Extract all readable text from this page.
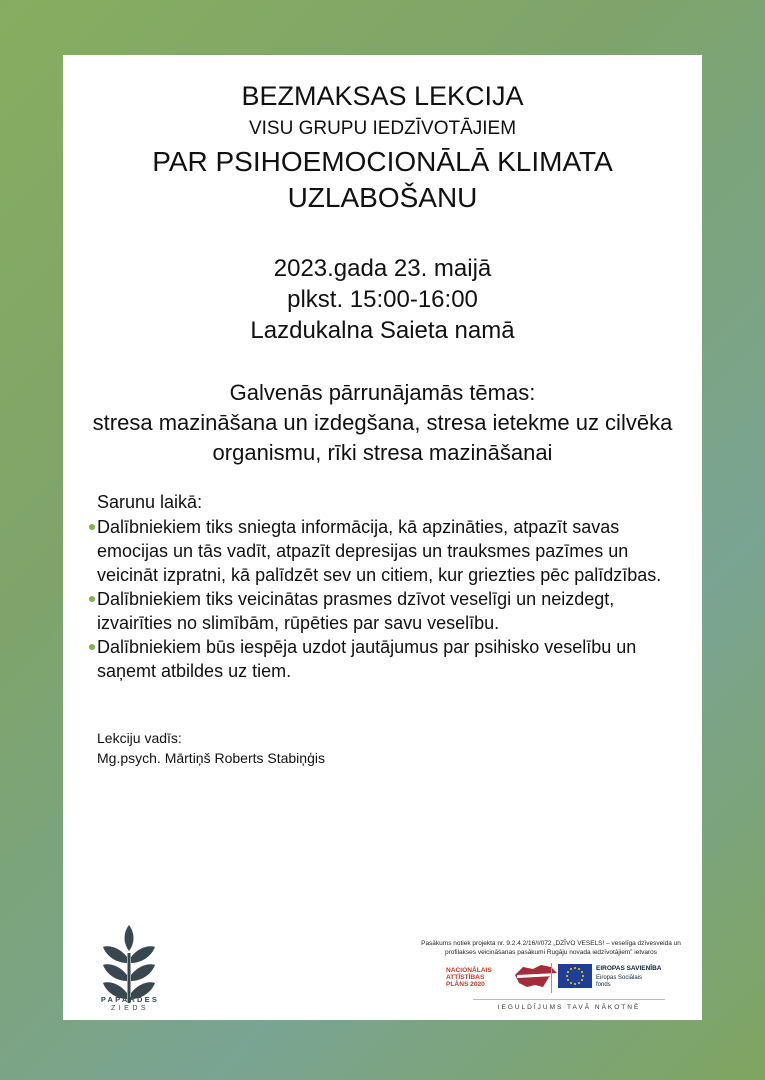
BEZMAKSAS LEKCIJA
VISU GRUPU IEDZĪVOTĀJIEM
PAR PSIHOEMOCIONĀLĀ KLIMATA UZLABOŠANU
2023.gada 23. maijā
plkst. 15:00-16:00
Lazdukalna Saieta namā
Galvenās pārrunājamās tēmas:
stresa mazināšana un izdegšana, stresa ietekme uz cilvēka organismu, rīki stresa mazināšanai
Sarunu laikā:
Dalībniekiem tiks sniegta informācija, kā apzināties, atpazīt savas emocijas un tās vadīt, atpazīt depresijas un trauksmes pazīmes un veicināt izpratni, kā palīdzēt sev un citiem, kur griezties pēc palīdzības.
Dalībniekiem tiks veicinātas prasmes dzīvot veselīgi un neizdegt, izvairīties no slimībām, rūpēties par savu veselību.
Dalībniekiem būs iespēja uzdot jautājumus par psihisko veselību un saņemt atbildes uz tiem.
Lekciju vadīs:
Mg.psych. Mārtiņš Roberts Stabiņģis
PAPARDES
ZIEDS
Pasākums notiek projekta nr. 9.2.4.2/16/I/072 „DZĪVO VESELS! – veselīga dzīvesveida un profilakses veicināšanas pasākumi Rugāju novada iedzīvotājiem” ietvaros
NACIONĀLAIS
ATTĪSTĪBAS
PLĀNS 2020
EIROPAS SAVIENĪBA
Eiropas Sociālais fonds
IEGULDĪJUMS TAVĀ NĀKOTNĒ
